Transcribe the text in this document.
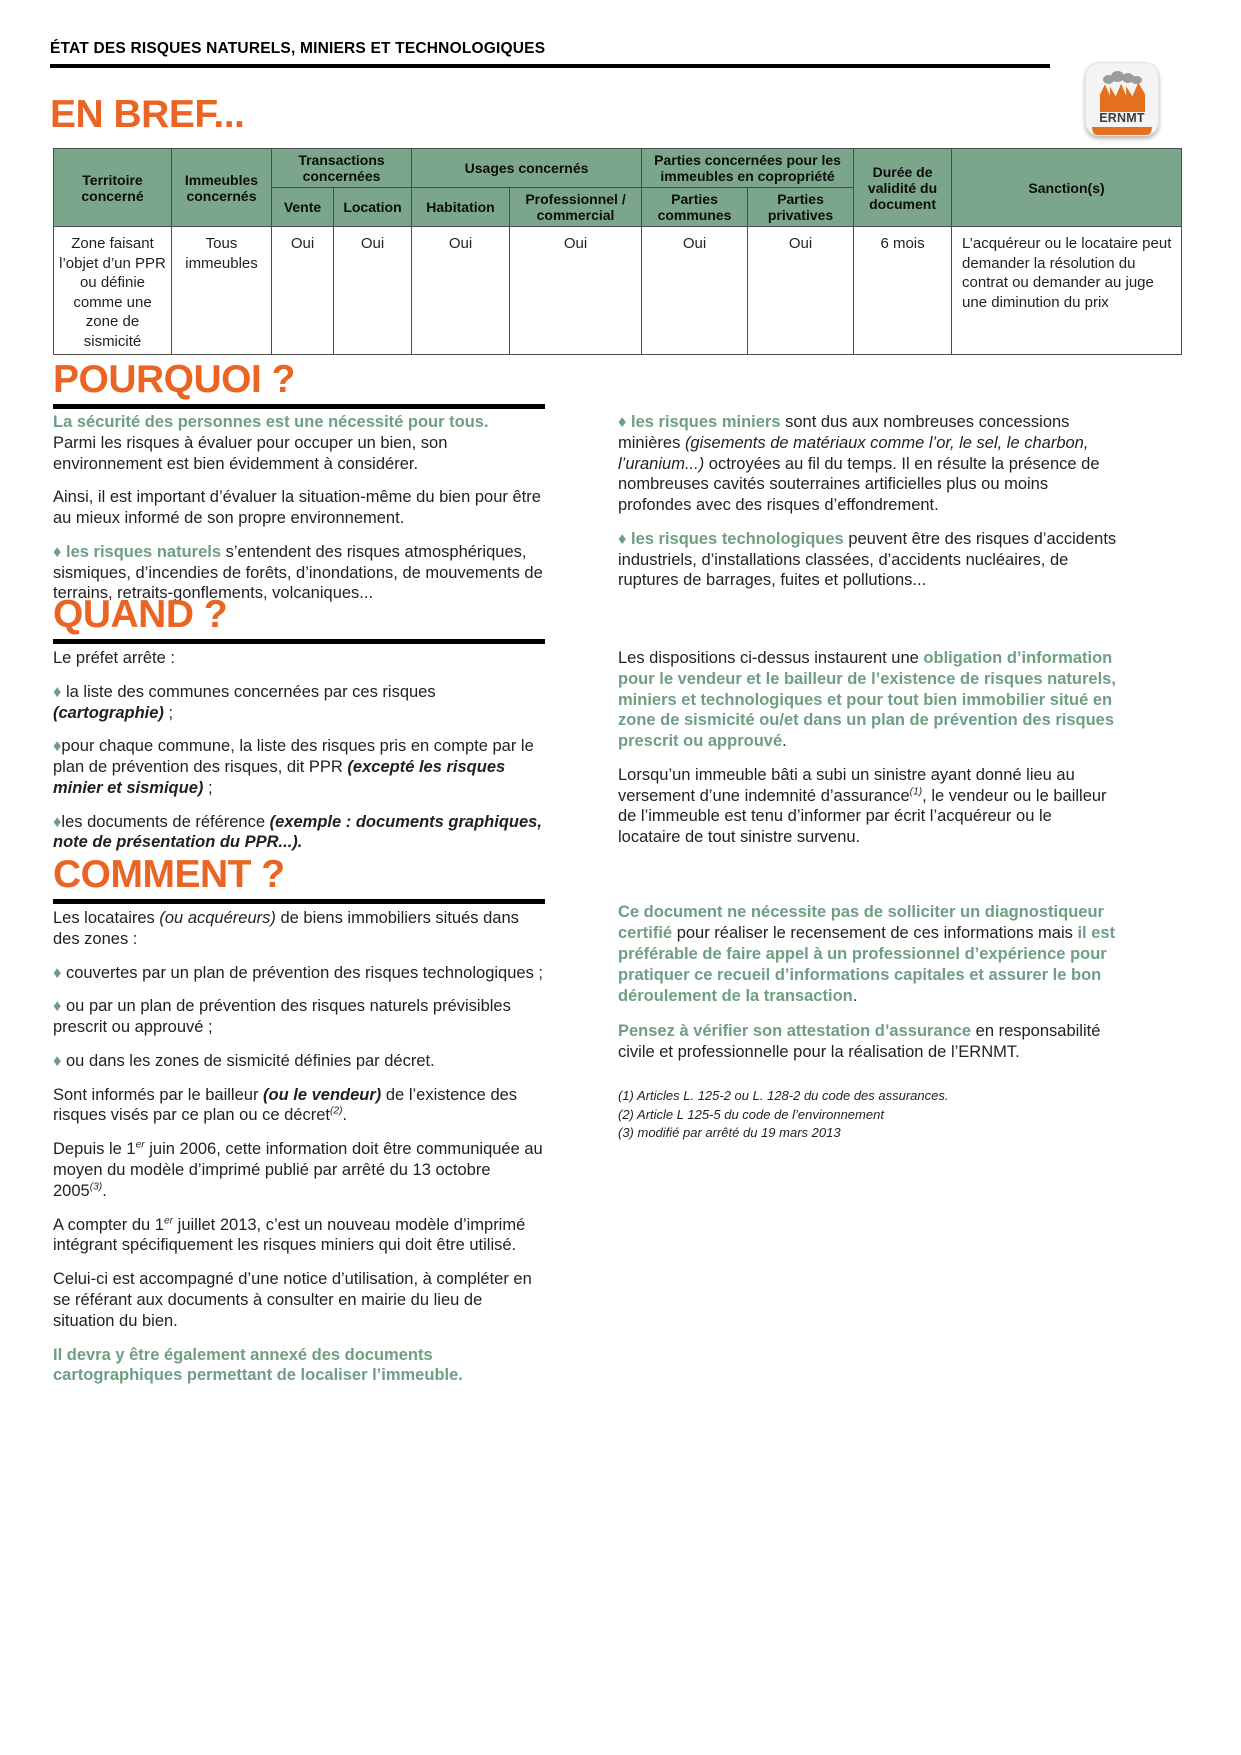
ÉTAT DES RISQUES NATURELS, MINIERS ET TECHNOLOGIQUES
ERNMT
EN BREF...
Territoire concerné	Immeubles concernés	Transactions concernées		Usages concernés		Parties concernées pour les immeubles en copropriété		Durée de validité du document	Sanction(s)
		Vente	Location	Habitation	Professionnel / commercial	Parties communes	Parties privatives		
Zone faisant l’objet d’un PPR ou définie comme une zone de sismicité	Tous immeubles	Oui	Oui	Oui	Oui	Oui	Oui	6 mois	L’acquéreur ou le locataire peut demander la résolution du contrat ou demander au juge une diminution du prix
POURQUOI ?

La sécurité des personnes est une nécessité pour tous.
Parmi les risques à évaluer pour occuper un bien, son environnement est bien évidemment à considérer.

Ainsi, il est important d’évaluer la situation-même du bien pour être au mieux informé de son propre environnement.

♦ les risques naturels s’entendent des risques atmosphériques, sismiques, d’incendies de forêts, d’inondations, de mouvements de terrains, retraits-gonflements, volcaniques...

♦ les risques miniers sont dus aux nombreuses concessions minières (gisements de matériaux comme l’or, le sel, le charbon, l’uranium...) octroyées au fil du temps. Il en résulte la présence de nombreuses cavités souterraines artificielles plus ou moins profondes avec des risques d’effondrement.

♦ les risques technologiques peuvent être des risques d’accidents industriels, d’installations classées, d’accidents nucléaires, de ruptures de barrages, fuites et pollutions...

QUAND ?

Le préfet arrête :

♦ la liste des communes concernées par ces risques (cartographie) ;

♦pour chaque commune, la liste des risques pris en compte par le plan de prévention des risques, dit PPR (excepté les risques minier et sismique) ;

♦les documents de référence (exemple : documents graphiques, note de présentation du PPR...).

Les dispositions ci-dessus instaurent une obligation d’information pour le vendeur et le bailleur de l’existence de risques naturels, miniers et technologiques et pour tout bien immobilier situé en zone de sismicité ou/et dans un plan de prévention des risques prescrit ou approuvé.

Lorsqu’un immeuble bâti a subi un sinistre ayant donné lieu au versement d’une indemnité d’assurance$^{(1)}$, le vendeur ou le bailleur de l’immeuble est tenu d’informer par écrit l’acquéreur ou le locataire de tout sinistre survenu.

COMMENT ?

Les locataires (ou acquéreurs) de biens immobiliers situés dans des zones :

♦ couvertes par un plan de prévention des risques technologiques ;

♦ ou par un plan de prévention des risques naturels prévisibles prescrit ou approuvé ;

♦ ou dans les zones de sismicité définies par décret.

Sont informés par le bailleur (ou le vendeur) de l’existence des risques visés par ce plan ou ce décret$^{(2)}$.

Depuis le 1er juin 2006, cette information doit être communiquée au moyen du modèle d’imprimé publié par arrêté du 13 octobre 2005$^{(3)}$.

A compter du 1er juillet 2013, c’est un nouveau modèle d’imprimé intégrant spécifiquement les risques miniers qui doit être utilisé.

Celui-ci est accompagné d’une notice d’utilisation, à compléter en se référant aux documents à consulter en mairie du lieu de situation du bien.

Il devra y être également annexé des documents cartographiques permettant de localiser l’immeuble.

Ce document ne nécessite pas de solliciter un diagnostiqueur certifié pour réaliser le recensement de ces informations mais il est préférable de faire appel à un professionnel d’expérience pour pratiquer ce recueil d’informations capitales et assurer le bon déroulement de la transaction.

Pensez à vérifier son attestation d’assurance en responsabilité civile et professionnelle pour la réalisation de l’ERNMT.

(1) Articles L. 125-2 ou L. 128-2 du code des assurances.
(2) Article L 125-5 du code de l’environnement
(3) modifié par arrêté du 19 mars 2013
